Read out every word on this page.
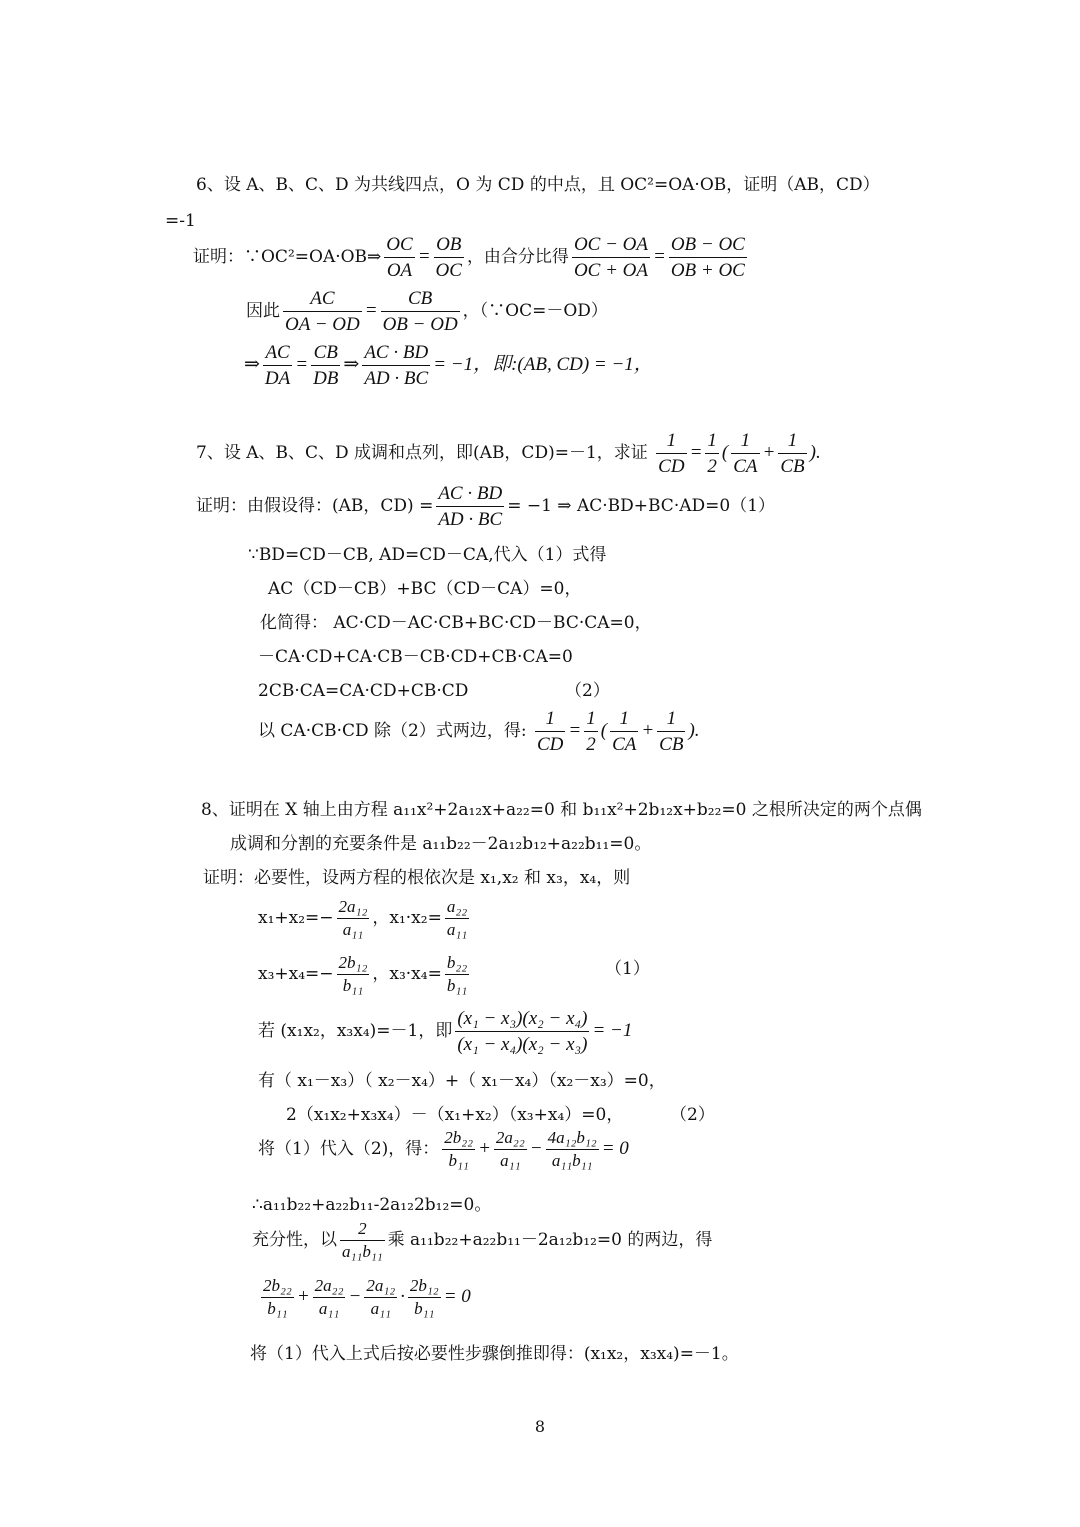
6、设 A、B、C、D 为共线四点，O 为 CD 的中点，且 OC²=OA·OB，证明（AB，CD）
=-1
证明：∵OC²=OA·OB⇒ $\frac{OC}{OA} = \frac{OB}{OC}$ ，由合分比得 $\frac{OC - OA}{OC + OA} = \frac{OB - OC}{OB + OC}$
因此 $\frac{AC}{OA - OD} = \frac{CB}{OB - OD}$ ，（∵OC=－OD）
⇒ $\frac{AC}{DA} = \frac{CB}{DB}$ ⇒ $\frac{AC \cdot BD}{AD \cdot BC} = -1$，即:(AB, CD) = −1，
7、设 A、B、C、D 成调和点列，即(AB，CD)=－1，求证 $\frac{1}{CD} = \frac{1}{2}$ ( $\frac{1}{CA} + \frac{1}{CB}$ ).
证明：由假设得：(AB，$CD) = \frac{AC \cdot BD}{AD \cdot BC} = -1$ ⇒ AC·BD+BC·AD=0（1）
∵BD=CD－CB, AD=CD－CA,代入（1）式得
AC（CD－CB）+BC（CD－CA）=0，
化简得： AC·CD－AC·CB+BC·CD－BC·CA=0，
－CA·CD+CA·CB－CB·CD+CB·CA=0
2CB·CA=CA·CD+CB·CD	（2）
以 CA·CB·CD 除（2）式两边，得: $\frac{1}{CD} = \frac{1}{2}$ ( $\frac{1}{CA} + \frac{1}{CB}$ ).
8、证明在 X 轴上由方程 a₁₁x²+2a₁₂x+a₂₂=0 和 b₁₁x²+2b₁₂x+b₂₂=0 之根所决定的两个点偶
成调和分割的充要条件是 a₁₁b₂₂－2a₁₂b₁₂+a₂₂b₁₁=0。
证明：必要性，设两方程的根依次是 x₁,x₂ 和 x₃，x₄，则
$x_1+x_2=- \frac{\text{2a₁₂}}{\text{a₁₁}}$ ，$x_1\cdot x_2= \frac{\text{a₂₂}}{\text{a₁₁}}$
$x_3+x_4=- \frac{\text{2b₁₂}}{\text{b₁₁}}$ ，$x_3\cdot x_4= \frac{\text{b₂₂}}{\text{b₁₁}}$	（1）
若 (x₁x₂，x₃x₄)=－1，即 $\frac{\text{(x₁ − x₃)(x₂ − x₄)}}{\text{(x₁ − x₄)(x₂ − x₃)}} = -1$
有（ x₁－x₃）（ x₂－x₄）+（ x₁－x₄）（x₂－x₃）=0，
2（x₁x₂+x₃x₄）－（x₁+x₂）（x₃+x₄）=0，	（2）
将（1）代入（2)，得： $\frac{\text{2b₂₂}}{\text{b₁₁}} + \frac{\text{2a₂₂}}{\text{a₁₁}} - \frac{\text{4a₁₂b₁₂}}{\text{a₁₁b₁₁}} = 0$
∴a₁₁b₂₂+a₂₂b₁₁-2a₁₂2b₁₂=0。
充分性，以 $\frac{2}{\text{a₁₁b₁₁}}$ 乘 a₁₁b₂₂+a₂₂b₁₁－2a₁₂b₁₂=0 的两边，得
$\frac{\text{2b₂₂}}{\text{b₁₁}} + \frac{\text{2a₂₂}}{\text{a₁₁}} - \frac{\text{2a₁₂}}{\text{a₁₁}} \cdot \frac{\text{2b₁₂}}{\text{b₁₁}} = 0$
将（1）代入上式后按必要性步骤倒推即得：(x₁x₂，x₃x₄)=－1。
8
